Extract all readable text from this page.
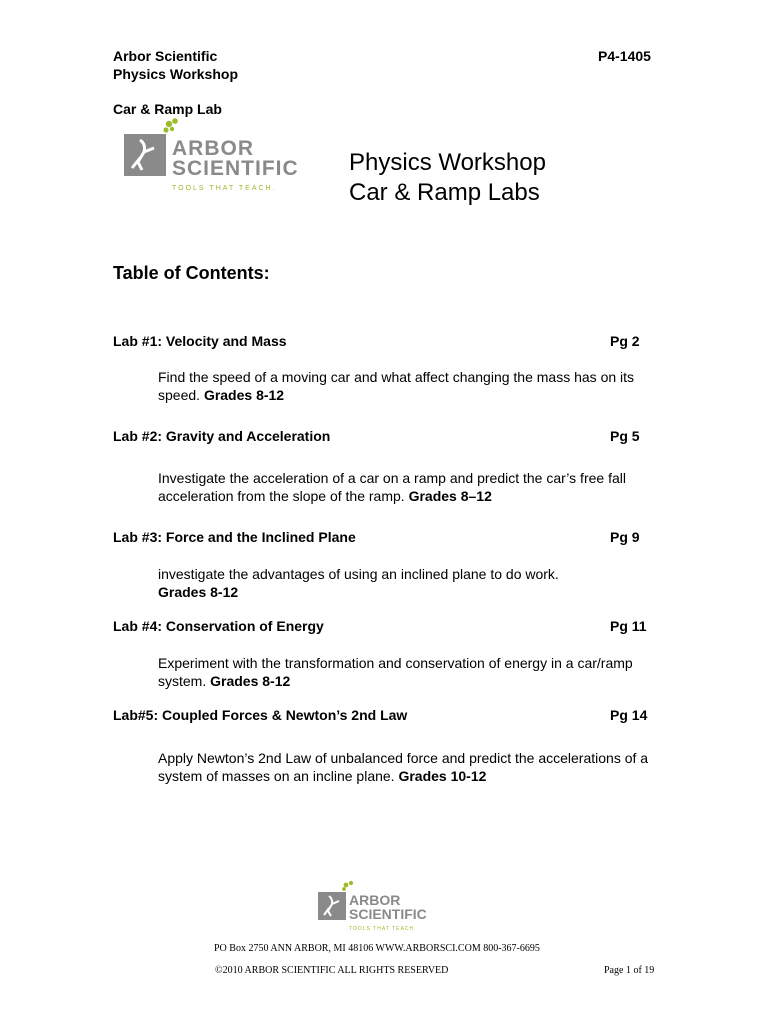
Arbor Scientific
Physics Workshop
P4-1405
Car & Ramp Lab
ARBOR
SCIENTIFIC
TOOLS THAT TEACH.
Physics Workshop
Car & Ramp Labs
Table of Contents:
Lab #1: Velocity and Mass	Pg 2
Find the speed of a moving car and what affect changing the mass has on its speed. Grades 8-12
Lab #2: Gravity and Acceleration	Pg 5
Investigate the acceleration of a car on a ramp and predict the car’s free fall acceleration from the slope of the ramp. Grades 8–12
Lab #3: Force and the Inclined Plane	Pg 9
investigate the advantages of using an inclined plane to do work.
Grades 8-12
Lab #4: Conservation of Energy	Pg 11
Experiment with the transformation and conservation of energy in a car/ramp system. Grades 8-12
Lab#5: Coupled Forces & Newton’s 2nd Law	Pg 14
Apply Newton’s 2nd Law of unbalanced force and predict the accelerations of a system of masses on an incline plane. Grades 10-12
ARBOR
SCIENTIFIC
TOOLS THAT TEACH.
PO Box 2750 ANN ARBOR, MI 48106 WWW.ARBORSCI.COM 800-367-6695
©2010 ARBOR SCIENTIFIC ALL RIGHTS RESERVED	Page 1 of 19
